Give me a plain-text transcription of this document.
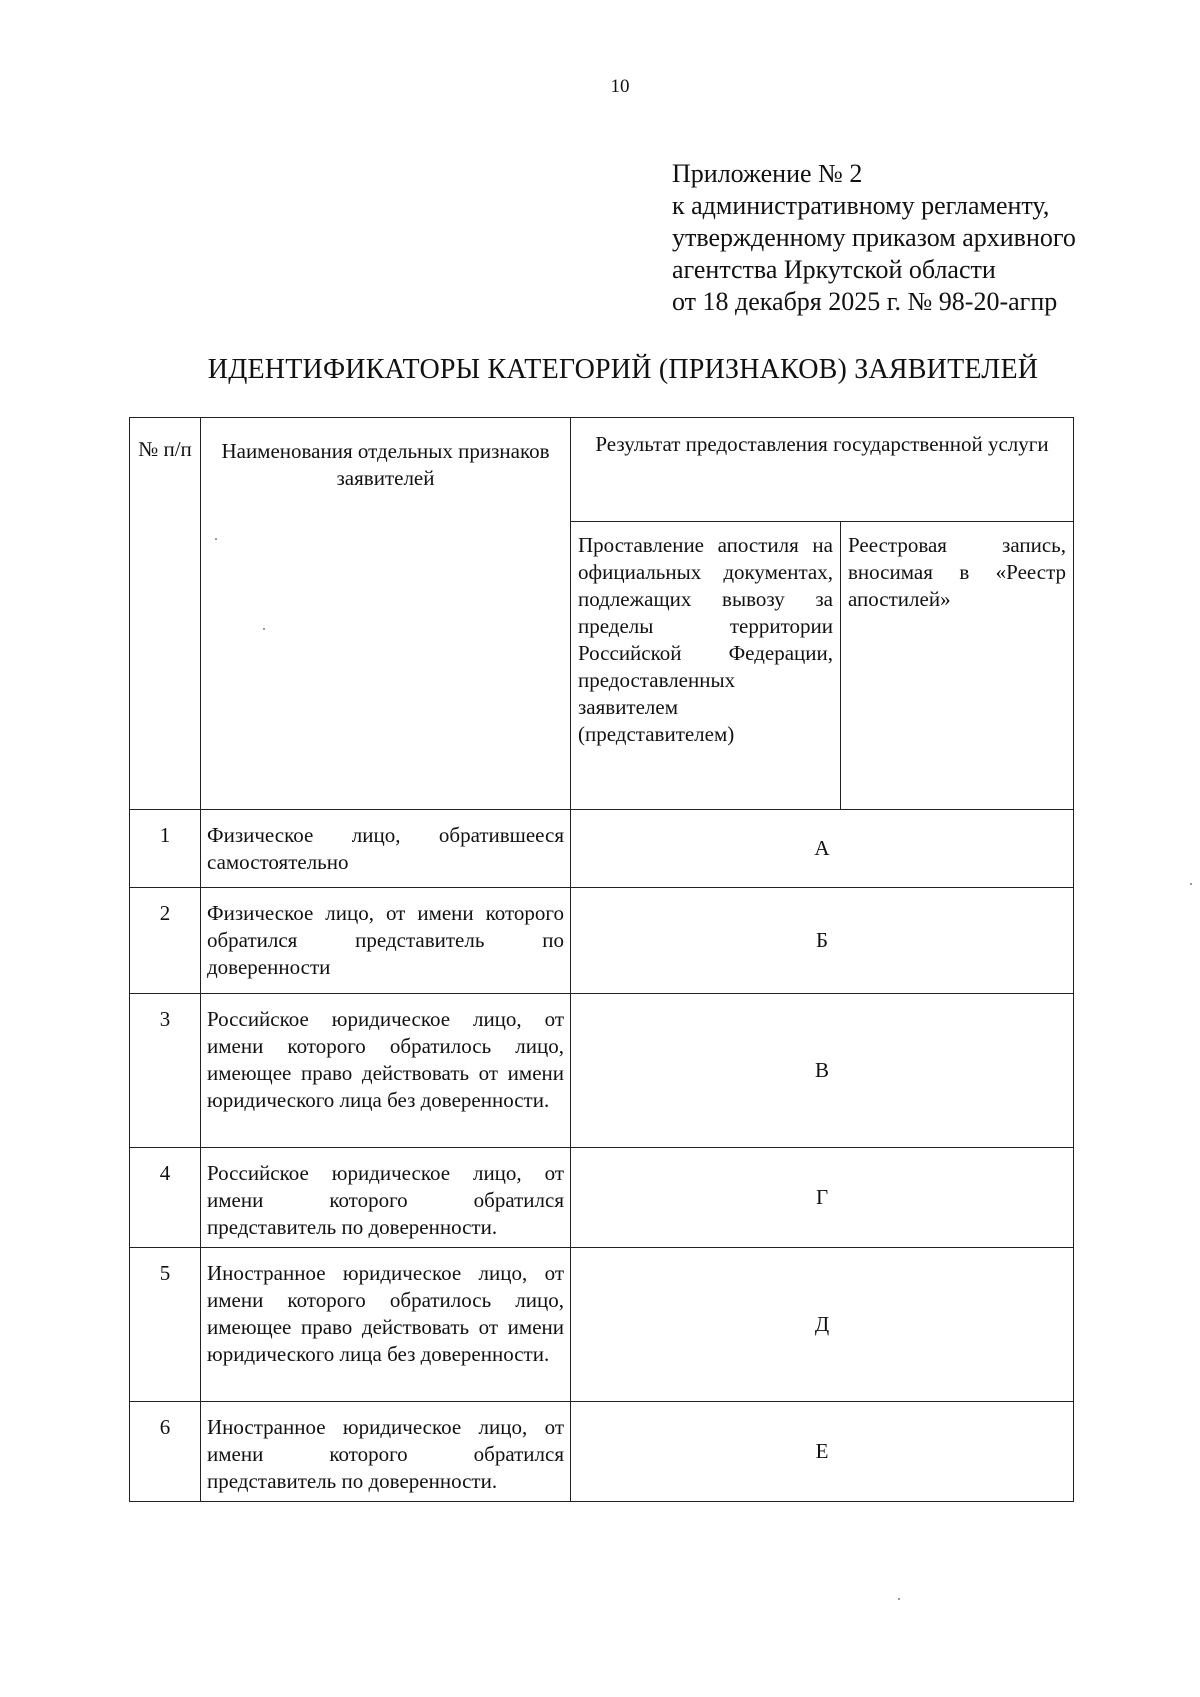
10
Приложение № 2
к административному регламенту,
утвержденному приказом архивного
агентства Иркутской области
от 18 декабря 2025 г. № 98-20-агпр
ИДЕНТИФИКАТОРЫ КАТЕГОРИЙ (ПРИЗНАКОВ) ЗАЯВИТЕЛЕЙ
№ п/п	Наименования отдельных признаков заявителей	Результат предоставления государственной услуги	
		Проставление апостиля на официальных документах, подлежащих вывозу за пределы территории Российской Федерации, предоставленных заявителем (представителем)	Реестровая запись, вносимая в «Реестр апостилей»
1	Физическое лицо, обратившееся самостоятельно	А	
2	Физическое лицо, от имени которого обратился представитель по доверенности	Б	
3	Российское юридическое лицо, от имени которого обратилось лицо, имеющее право действовать от имени юридического лица без доверенности.	В	
4	Российское юридическое лицо, от имени которого обратился представитель по доверенности.	Г	
5	Иностранное юридическое лицо, от имени которого обратилось лицо, имеющее право действовать от имени юридического лица без доверенности.	Д	
6	Иностранное юридическое лицо, от имени которого обратился представитель по доверенности.	Е	
